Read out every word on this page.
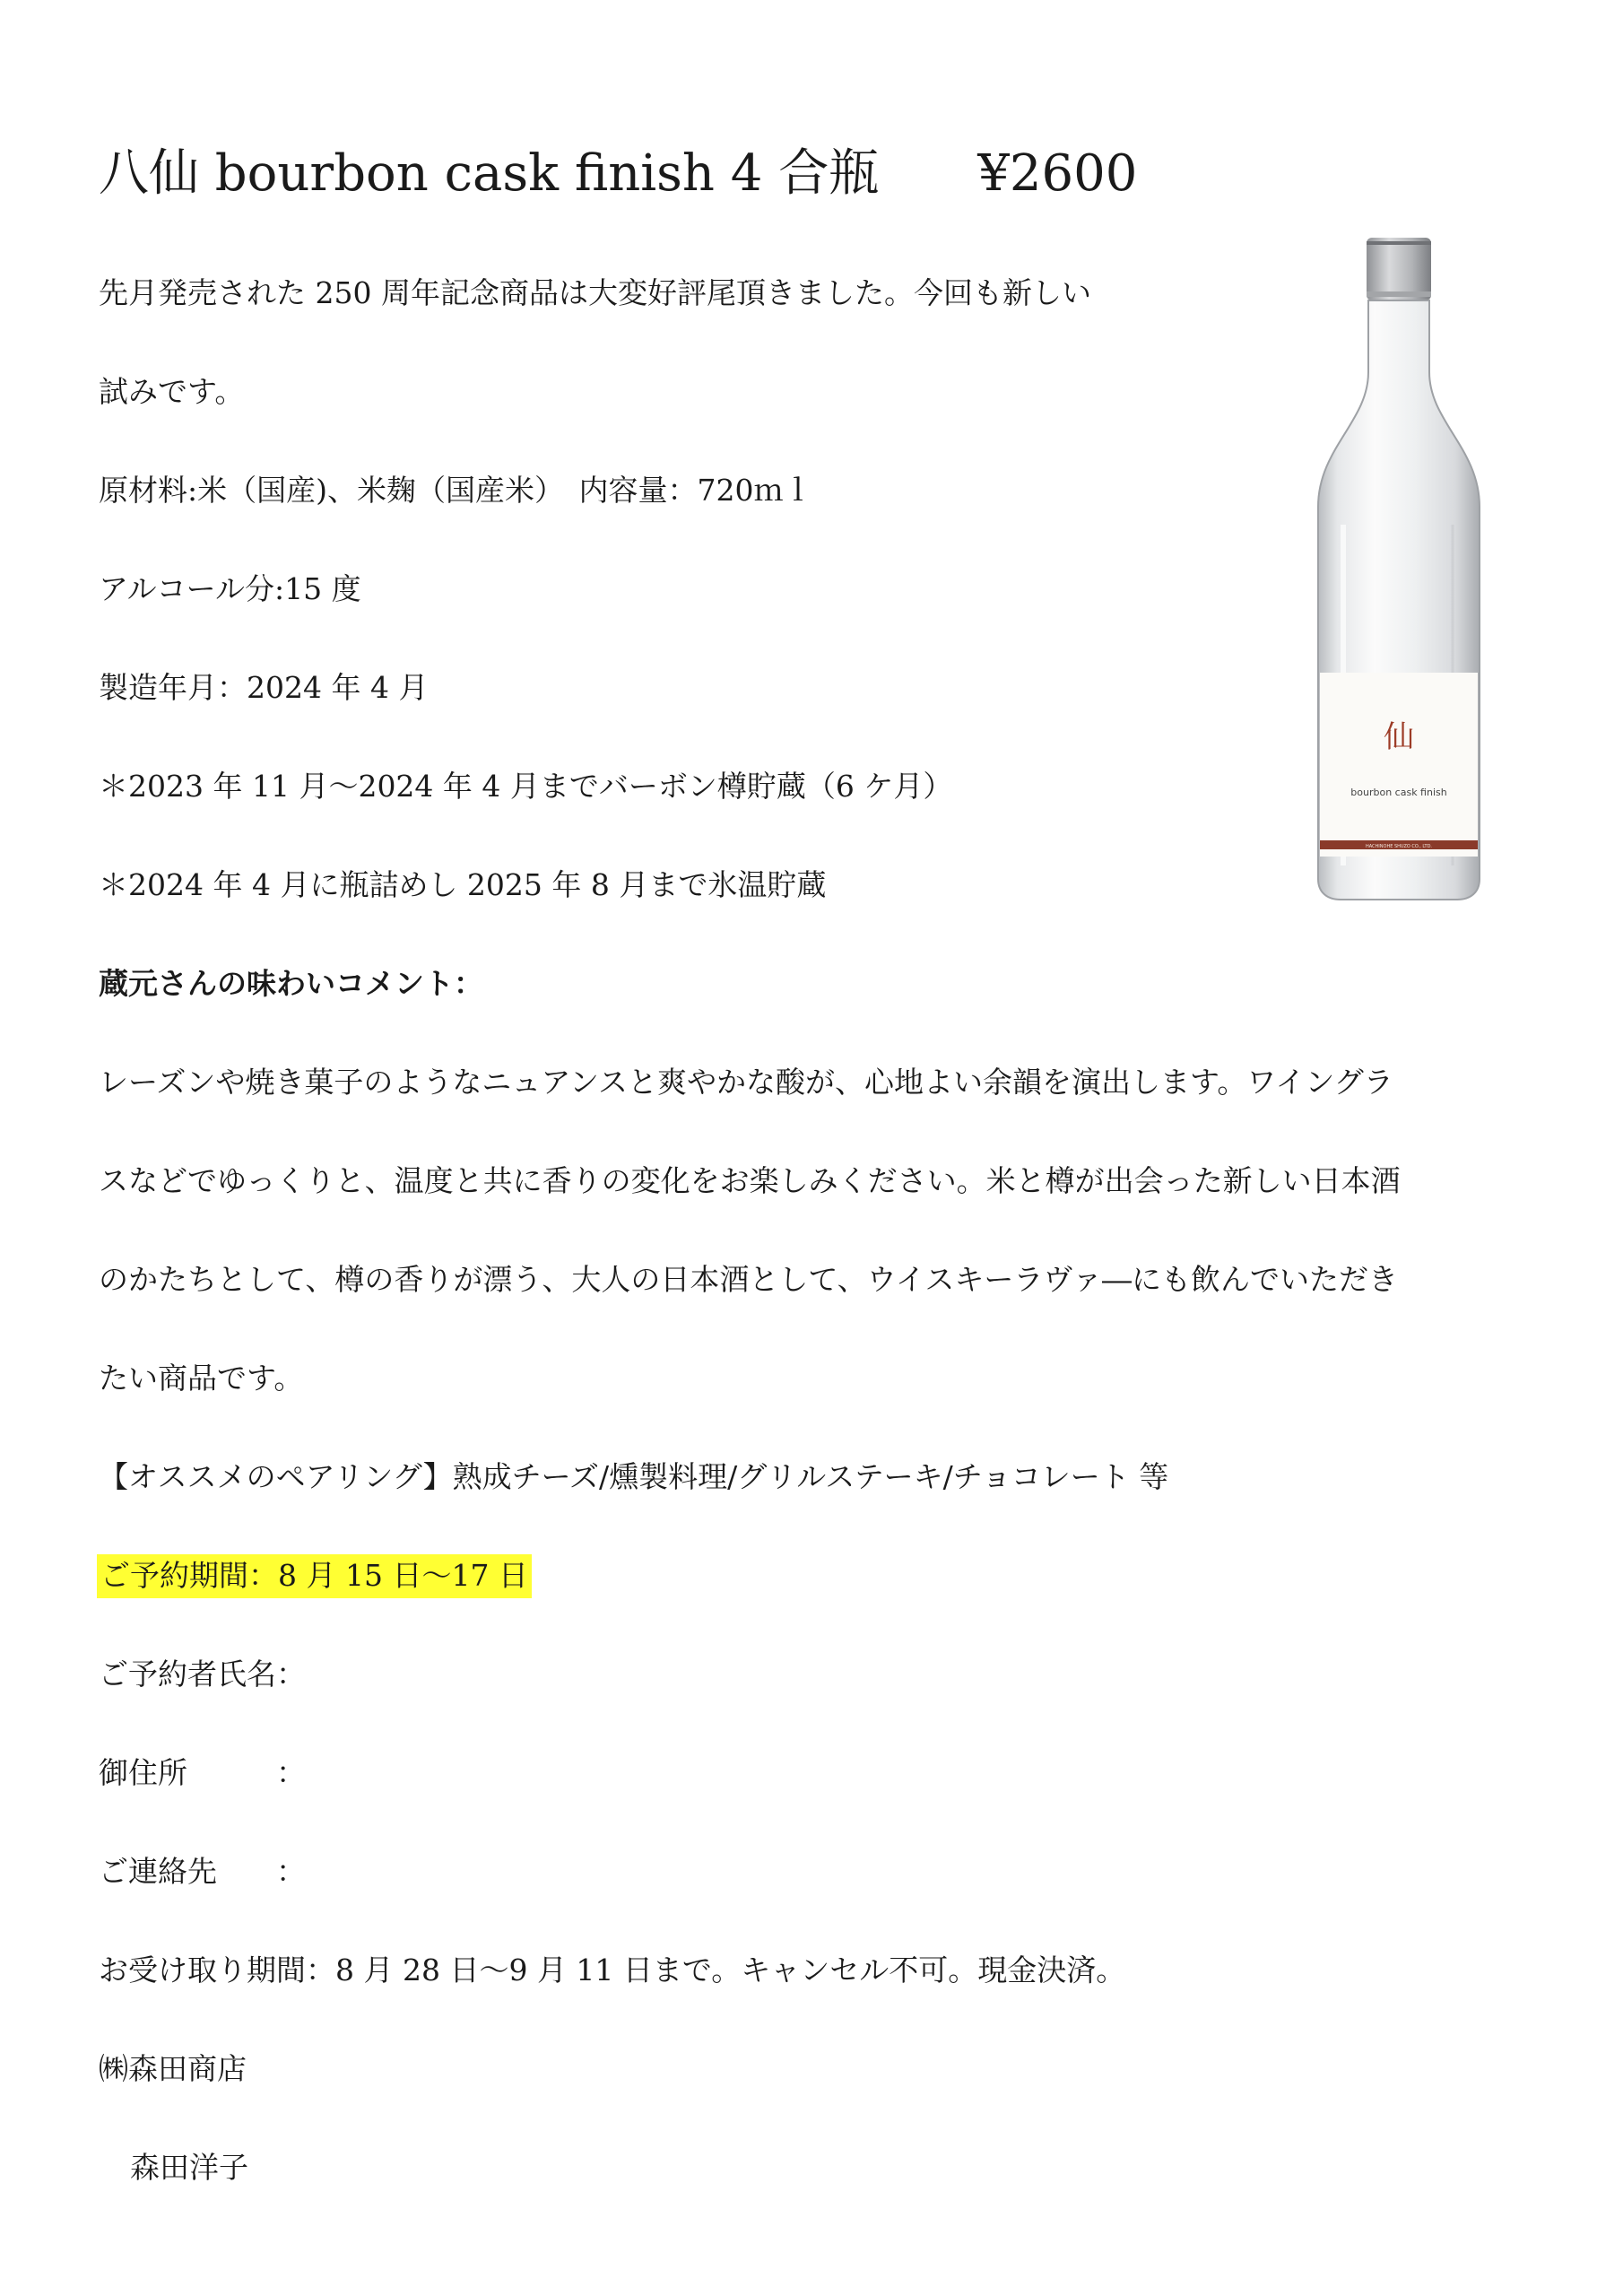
八仙 bourbon cask finish 4 合瓶 ¥2600
先月発売された 250 周年記念商品は大変好評尾頂きました。今回も新しい
試みです。
原材料:米（国産)、米麹（国産米）　内容量：720ｍｌ
アルコール分:15 度
製造年月：2024 年 4 月
＊2023 年 11 月～2024 年 4 月までバーボン樽貯蔵（6 ケ月）
＊2024 年 4 月に瓶詰めし 2025 年 8 月まで氷温貯蔵
蔵元さんの味わいコメント：
レーズンや焼き菓子のようなニュアンスと爽やかな酸が、心地よい余韻を演出します。ワイングラ
スなどでゆっくりと、温度と共に香りの変化をお楽しみください。米と樽が出会った新しい日本酒
のかたちとして、樽の香りが漂う、大人の日本酒として、ウイスキーラヴァ―にも飲んでいただき
たい商品です。
【オススメのペアリング】熟成チーズ/燻製料理/グリルステーキ/チョコレート 等
ご予約期間：8 月 15 日～17 日
ご予約者氏名：
御住所　　　：
ご連絡先　　：
お受け取り期間：8 月 28 日～9 月 11 日まで。キャンセル不可。現金決済。
㈱森田商店
森田洋子
仙
bourbon cask finish
HACHINOHE SHUZO CO., LTD.
